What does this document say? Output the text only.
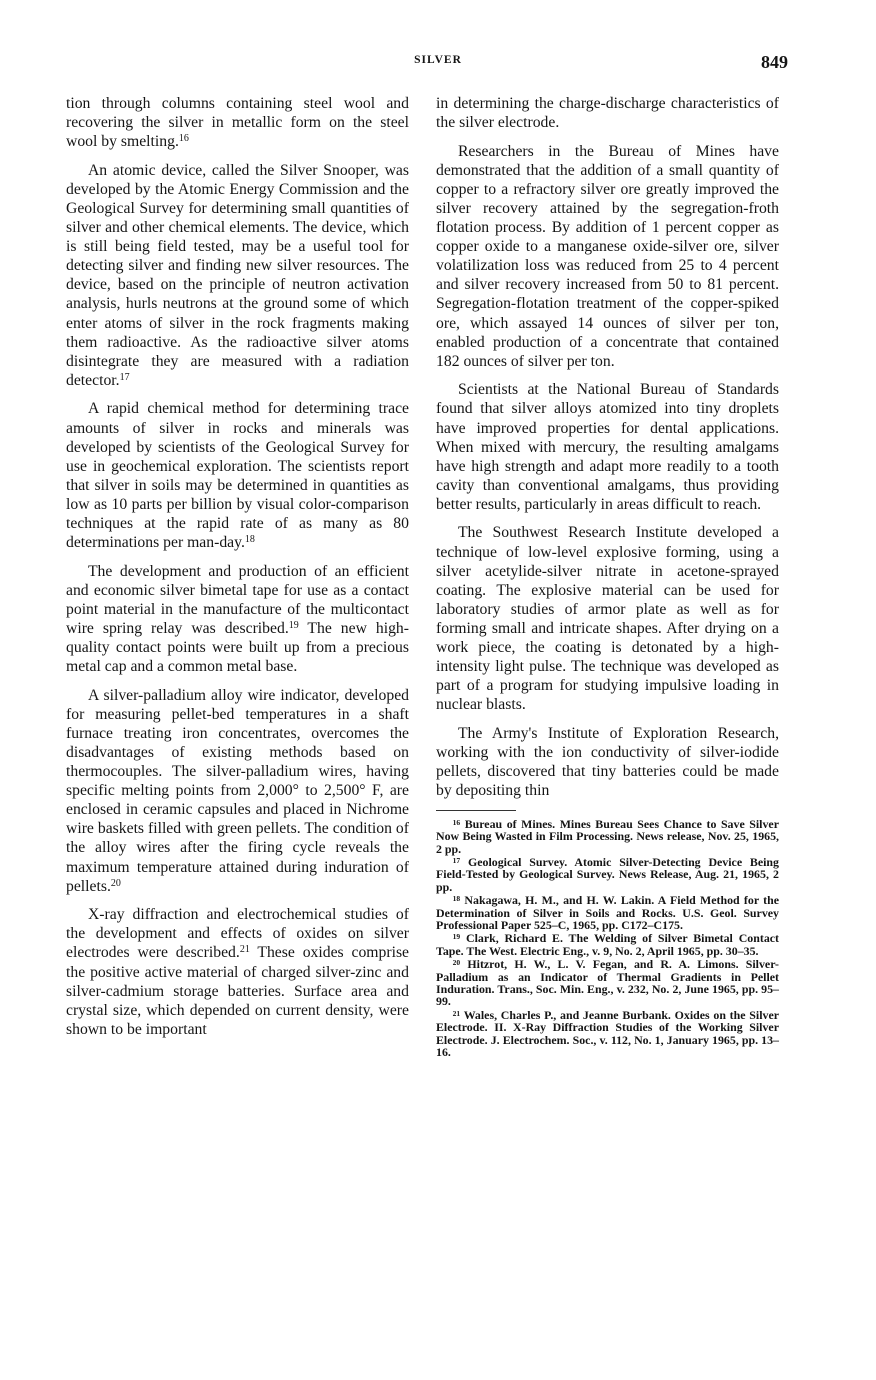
SILVER	849

tion through columns containing steel wool and recovering the silver in metallic form on the steel wool by smelting.$^{16}$

An atomic device, called the Silver Snooper, was developed by the Atomic Energy Commission and the Geological Survey for determining small quantities of silver and other chemical elements. The device, which is still being field tested, may be a useful tool for detecting silver and finding new silver resources. The device, based on the principle of neutron activation analysis, hurls neutrons at the ground some of which enter atoms of silver in the rock fragments making them radioactive. As the radioactive silver atoms disintegrate they are measured with a radiation detector.$^{17}$

A rapid chemical method for determining trace amounts of silver in rocks and minerals was developed by scientists of the Geological Survey for use in geochemical exploration. The scientists report that silver in soils may be determined in quantities as low as 10 parts per billion by visual color-comparison techniques at the rapid rate of as many as 80 determinations per man-day.$^{18}$

The development and production of an efficient and economic silver bimetal tape for use as a contact point material in the manufacture of the multicontact wire spring relay was described.$^{19}$ The new high-quality contact points were built up from a precious metal cap and a common metal base.

A silver-palladium alloy wire indicator, developed for measuring pellet-bed temperatures in a shaft furnace treating iron concentrates, overcomes the disadvantages of existing methods based on thermocouples. The silver-palladium wires, having specific melting points from 2,000° to 2,500° F, are enclosed in ceramic capsules and placed in Nichrome wire baskets filled with green pellets. The condition of the alloy wires after the firing cycle reveals the maximum temperature attained during induration of pellets.$^{20}$

X-ray diffraction and electrochemical studies of the development and effects of oxides on silver electrodes were described.$^{21}$ These oxides comprise the positive active material of charged silver-zinc and silver-cadmium storage batteries. Surface area and crystal size, which depended on current density, were shown to be important

in determining the charge-discharge characteristics of the silver electrode.

Researchers in the Bureau of Mines have demonstrated that the addition of a small quantity of copper to a refractory silver ore greatly improved the silver recovery attained by the segregation-froth flotation process. By addition of 1 percent copper as copper oxide to a manganese oxide-silver ore, silver volatilization loss was reduced from 25 to 4 percent and silver recovery increased from 50 to 81 percent. Segregation-flotation treatment of the copper-spiked ore, which assayed 14 ounces of silver per ton, enabled production of a concentrate that contained 182 ounces of silver per ton.

Scientists at the National Bureau of Standards found that silver alloys atomized into tiny droplets have improved properties for dental applications. When mixed with mercury, the resulting amalgams have high strength and adapt more readily to a tooth cavity than conventional amalgams, thus providing better results, particularly in areas difficult to reach.

The Southwest Research Institute developed a technique of low-level explosive forming, using a silver acetylide-silver nitrate in acetone-sprayed coating. The explosive material can be used for laboratory studies of armor plate as well as for forming small and intricate shapes. After drying on a work piece, the coating is detonated by a high-intensity light pulse. The technique was developed as part of a program for studying impulsive loading in nuclear blasts.

The Army's Institute of Exploration Research, working with the ion conductivity of silver-iodide pellets, discovered that tiny batteries could be made by depositing thin

$^{16}$ Bureau of Mines. Mines Bureau Sees Chance to Save Silver Now Being Wasted in Film Processing. News release, Nov. 25, 1965, 2 pp.
$^{17}$ Geological Survey. Atomic Silver-Detecting Device Being Field-Tested by Geological Survey. News Release, Aug. 21, 1965, 2 pp.
$^{18}$ Nakagawa, H. M., and H. W. Lakin. A Field Method for the Determination of Silver in Soils and Rocks. U.S. Geol. Survey Professional Paper 525–C, 1965, pp. C172–C175.
$^{19}$ Clark, Richard E. The Welding of Silver Bimetal Contact Tape. The West. Electric Eng., v. 9, No. 2, April 1965, pp. 30–35.
$^{20}$ Hitzrot, H. W., L. V. Fegan, and R. A. Limons. Silver-Palladium as an Indicator of Thermal Gradients in Pellet Induration. Trans., Soc. Min. Eng., v. 232, No. 2, June 1965, pp. 95–99.
$^{21}$ Wales, Charles P., and Jeanne Burbank. Oxides on the Silver Electrode. II. X-Ray Diffraction Studies of the Working Silver Electrode. J. Electrochem. Soc., v. 112, No. 1, January 1965, pp. 13–16.
